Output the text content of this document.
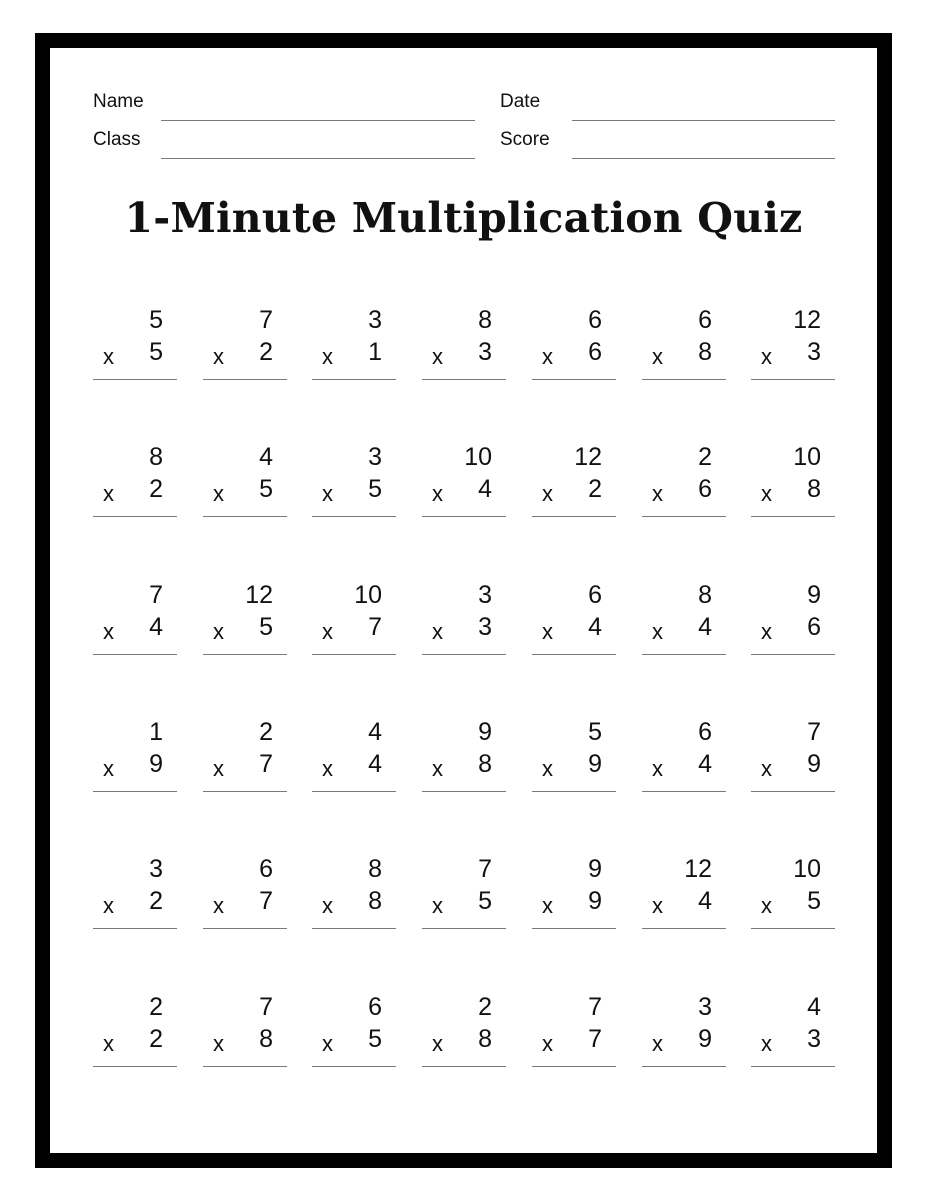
Name	Date
Class	Score
1-Minute Multiplication Quiz
5
x 5
7
x 2
3
x 1
8
x 3
6
x 6
6
x 8
12
x 3
8
x 2
4
x 5
3
x 5
10
x 4
12
x 2
2
x 6
10
x 8
7
x 4
12
x 5
10
x 7
3
x 3
6
x 4
8
x 4
9
x 6
1
x 9
2
x 7
4
x 4
9
x 8
5
x 9
6
x 4
7
x 9
3
x 2
6
x 7
8
x 8
7
x 5
9
x 9
12
x 4
10
x 5
2
x 2
7
x 8
6
x 5
2
x 8
7
x 7
3
x 9
4
x 3
